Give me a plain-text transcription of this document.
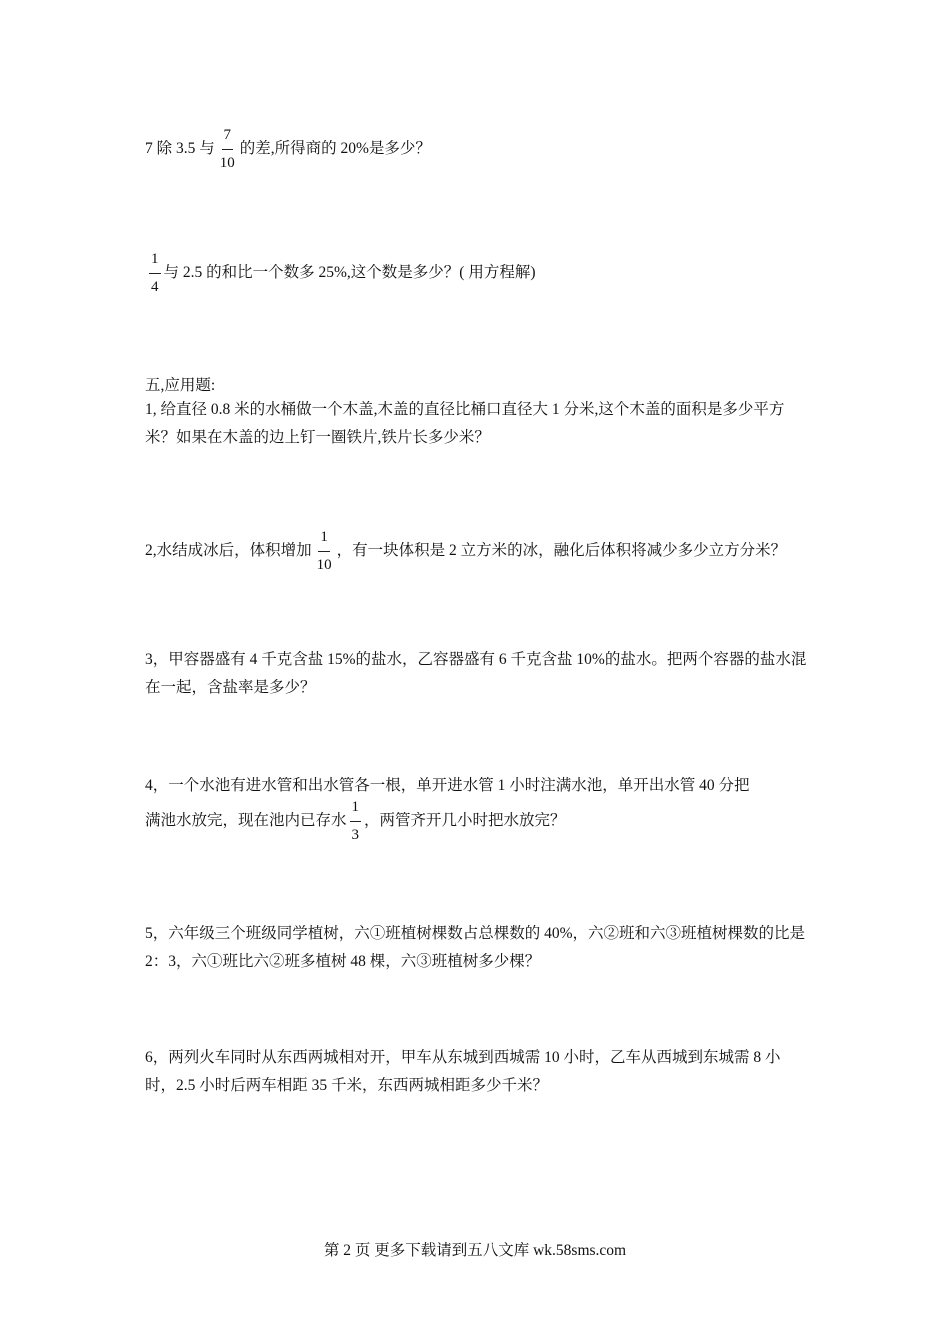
7 除 3.5 与 $\frac{7}{10}$ 的差,所得商的 20%是多少？
$\frac{1}{4}$ 与 2.5 的和比一个数多 25%,这个数是多少？( 用方程解)
五,应用题:
1, 给直径 0.8 米的水桶做一个木盖,木盖的直径比桶口直径大 1 分米,这个木盖的面积是多少平方米？如果在木盖的边上钉一圈铁片,铁片长多少米？
2,水结成冰后，体积增加 $\frac{1}{10}$ ，有一块体积是 2 立方米的冰，融化后体积将减少多少立方分米？
3，甲容器盛有 4 千克含盐 15%的盐水，乙容器盛有 6 千克含盐 10%的盐水。把两个容器的盐水混在一起，含盐率是多少？
4，一个水池有进水管和出水管各一根，单开进水管 1 小时注满水池，单开出水管 40 分把
满池水放完，现在池内已存水 $\frac{1}{3}$ ，两管齐开几小时把水放完？
5，六年级三个班级同学植树，六①班植树棵数占总棵数的 40%，六②班和六③班植树棵数的比是 2：3，六①班比六②班多植树 48 棵，六③班植树多少棵？
6，两列火车同时从东西两城相对开，甲车从东城到西城需 10 小时，乙车从西城到东城需 8 小时，2.5 小时后两车相距 35 千米，东西两城相距多少千米？
第 2 页 更多下载请到五八文库 wk.58sms.com
